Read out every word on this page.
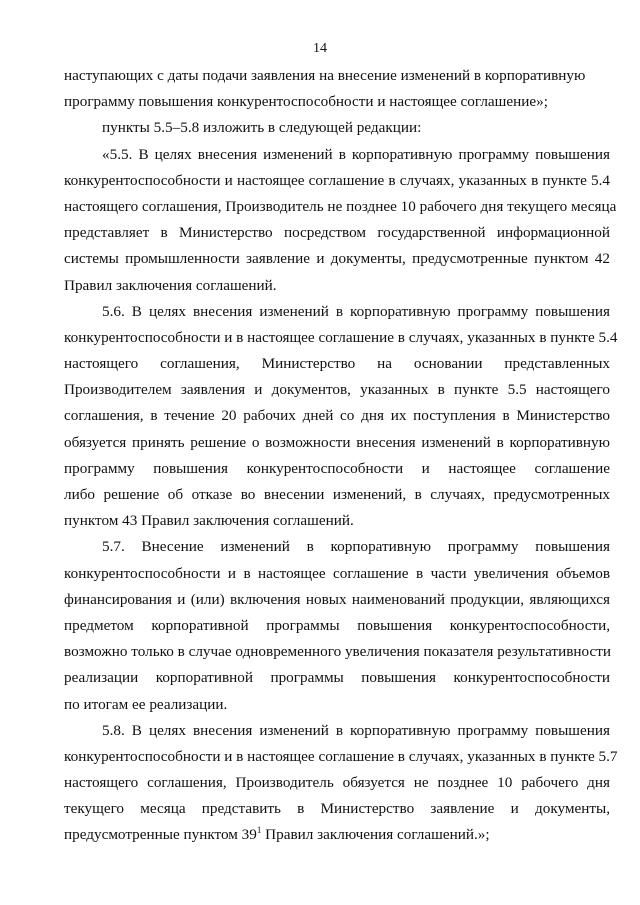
14
наступающих с даты подачи заявления на внесение изменений в корпоративную
программу повышения конкурентоспособности и настоящее соглашение»;
пункты 5.5–5.8 изложить в следующей редакции:
«5.5. В целях внесения изменений в корпоративную программу повышения
конкурентоспособности и настоящее соглашение в случаях, указанных в пункте 5.4
настоящего соглашения, Производитель не позднее 10 рабочего дня текущего месяца
представляет в Министерство посредством государственной информационной
системы промышленности заявление и документы, предусмотренные пунктом 42
Правил заключения соглашений.
5.6. В целях внесения изменений в корпоративную программу повышения
конкурентоспособности и в настоящее соглашение в случаях, указанных в пункте 5.4
настоящего соглашения, Министерство на основании представленных
Производителем заявления и документов, указанных в пункте 5.5 настоящего
соглашения, в течение 20 рабочих дней со дня их поступления в Министерство
обязуется принять решение о возможности внесения изменений в корпоративную
программу повышения конкурентоспособности и настоящее соглашение
либо решение об отказе во внесении изменений, в случаях, предусмотренных
пунктом 43 Правил заключения соглашений.
5.7. Внесение изменений в корпоративную программу повышения
конкурентоспособности и в настоящее соглашение в части увеличения объемов
финансирования и (или) включения новых наименований продукции, являющихся
предметом корпоративной программы повышения конкурентоспособности,
возможно только в случае одновременного увеличения показателя результативности
реализации корпоративной программы повышения конкурентоспособности
по итогам ее реализации.
5.8. В целях внесения изменений в корпоративную программу повышения
конкурентоспособности и в настоящее соглашение в случаях, указанных в пункте 5.7
настоящего соглашения, Производитель обязуется не позднее 10 рабочего дня
текущего месяца представить в Министерство заявление и документы,
предусмотренные пунктом $39^1$ Правил заключения соглашений.»;
